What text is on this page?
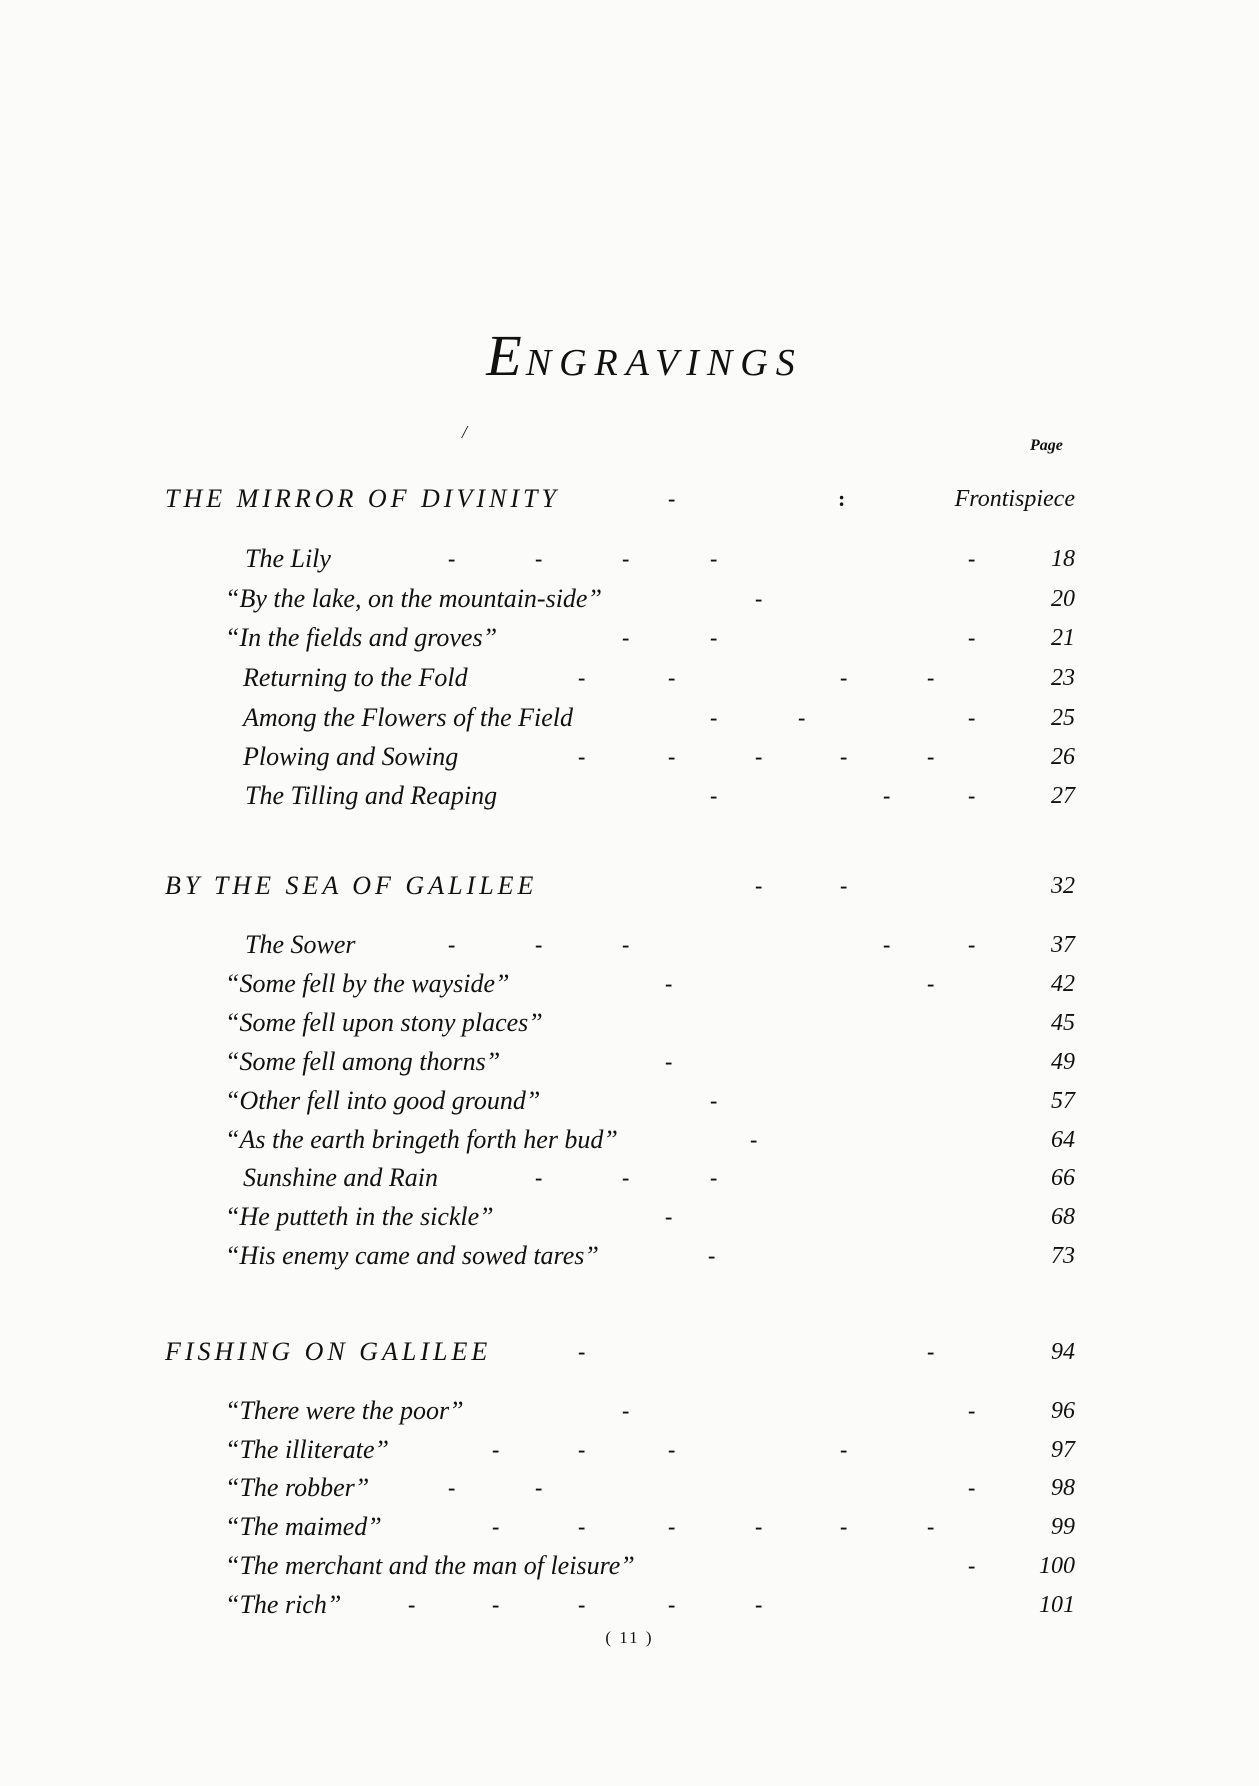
ENGRAVINGS
/
Page
THE MIRROR OF DIVINITY	-	:	Frontispiece
The Lily	-	-	-	-	-	18
“By the lake, on the mountain-side”	-	20
“In the fields and groves”	-	-	-	21
Returning to the Fold	-	-	-	-	23
Among the Flowers of the Field	-	-	-	25
Plowing and Sowing	-	-	-	-	-	26
The Tilling and Reaping	-	-	-	27
BY THE SEA OF GALILEE	-	-	32
The Sower	-	-	-	-	-	37
“Some fell by the wayside”	-	-	42
“Some fell upon stony places”	45
“Some fell among thorns”	-	49
“Other fell into good ground”	-	57
“As the earth bringeth forth her bud”	-	64
Sunshine and Rain	-	-	-	66
“He putteth in the sickle”	-	68
“His enemy came and sowed tares”	-	73
FISHING ON GALILEE	-	-	94
“There were the poor”	-	-	96
“The illiterate”	-	-	-	-	97
“The robber”	-	-	-	98
“The maimed”	-	-	-	-	-	-	99
“The merchant and the man of leisure”	-	100
“The rich”	-	-	-	-	-	101
( 11 )
